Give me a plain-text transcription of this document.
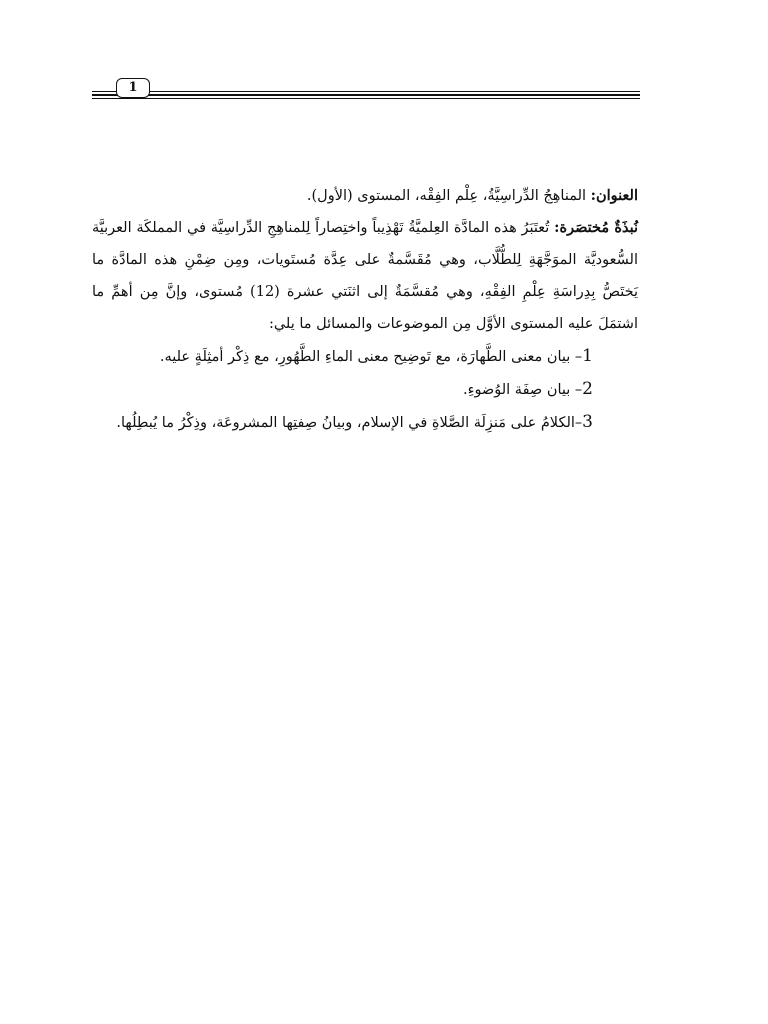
1

العنوان: المناهِجُ الدِّراسِيَّةُ، عِلْم الفِقْه، المستوى (الأول).

نُبذَةٌ مُختصَرة: تُعتَبَرُ هذه المادَّة العِلميَّةُ تَهْذِيباً واختِصاراً لِلمناهِجِ الدِّراسِيَّة في المملكَة العربيَّة السُّعوديَّة الموَجَّهَةِ لِلطُّلَّاب، وهي مُقَسَّمةٌ على عِدَّة مُستَويات، ومِن ضِمْنِ هذه المادَّة ما يَختَصُّ بِدِراسَةِ عِلْمِ الفِقْهِ، وهي مُقسَّمَةٌ إلى اثنَتي عشرة (12) مُستوى، وإنَّ مِن أهمِّ ما اشتمَلَ عليه المستوى الأوَّل مِن الموضوعات والمسائل ما يلي:

1– بيان معنى الطَّهارَة، مع تَوضِيح معنى الماءِ الطَّهُورِ، مع ذِكْر أمثِلَةٍ عليه.
2– بيان صِفَة الوُضوءِ.
3–الكلامُ على مَنزِلَة الصَّلاةِ في الإسلام، وبيانُ صِفتِها المشروعَة، وذِكْرُ ما يُبطِلُها.
